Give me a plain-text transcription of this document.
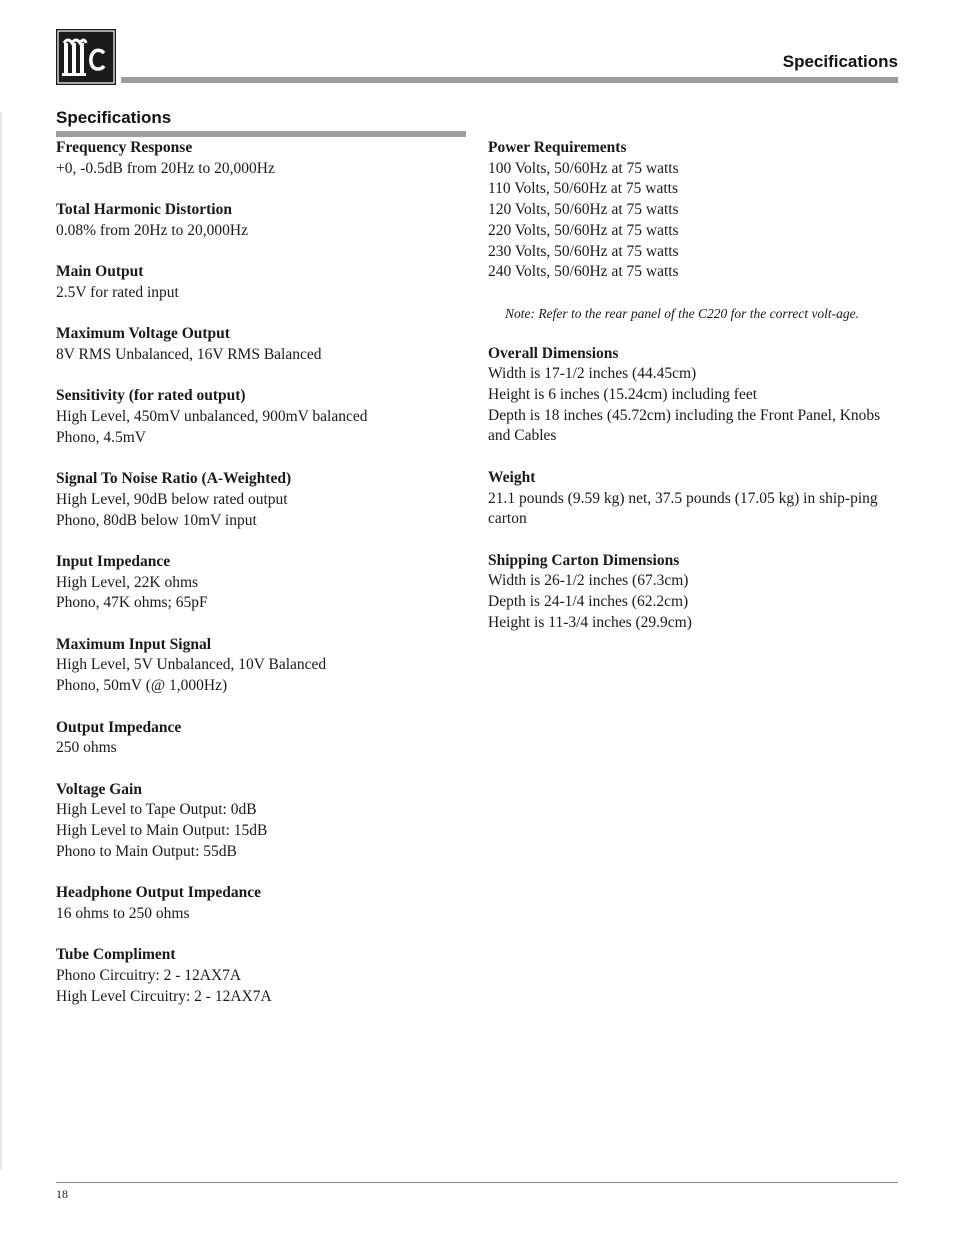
Specifications
Specifications
Frequency Response
+0, -0.5dB from 20Hz to 20,000Hz
Total Harmonic Distortion
0.08% from 20Hz to 20,000Hz
Main Output
2.5V for rated input
Maximum Voltage Output
8V RMS Unbalanced, 16V RMS Balanced
Sensitivity (for rated output)
High Level, 450mV unbalanced, 900mV balanced
Phono, 4.5mV
Signal To Noise Ratio (A-Weighted)
High Level, 90dB below rated output
Phono, 80dB below 10mV input
Input Impedance
High Level, 22K ohms
Phono, 47K ohms; 65pF
Maximum Input Signal
High Level, 5V Unbalanced, 10V Balanced
Phono, 50mV (@ 1,000Hz)
Output Impedance
250 ohms
Voltage Gain
High Level to Tape Output: 0dB
High Level to Main Output: 15dB
Phono to Main Output: 55dB
Headphone Output Impedance
16 ohms to 250 ohms
Tube Compliment
Phono Circuitry: 2 - 12AX7A
High Level Circuitry: 2 - 12AX7A
Power Requirements
100 Volts, 50/60Hz at 75 watts
110 Volts, 50/60Hz at 75 watts
120 Volts, 50/60Hz at 75 watts
220 Volts, 50/60Hz at 75 watts
230 Volts, 50/60Hz at 75 watts
240 Volts, 50/60Hz at 75 watts
Note: Refer to the rear panel of the C220 for the correct volt-age.
Overall Dimensions
Width is 17-1/2 inches (44.45cm)
Height is 6 inches (15.24cm) including feet
Depth is 18 inches (45.72cm) including the Front Panel, Knobs and Cables
Weight
21.1 pounds (9.59 kg) net, 37.5 pounds (17.05 kg) in ship-ping carton
Shipping Carton Dimensions
Width is 26-1/2 inches (67.3cm)
Depth is 24-1/4 inches (62.2cm)
Height is 11-3/4 inches (29.9cm)
18
